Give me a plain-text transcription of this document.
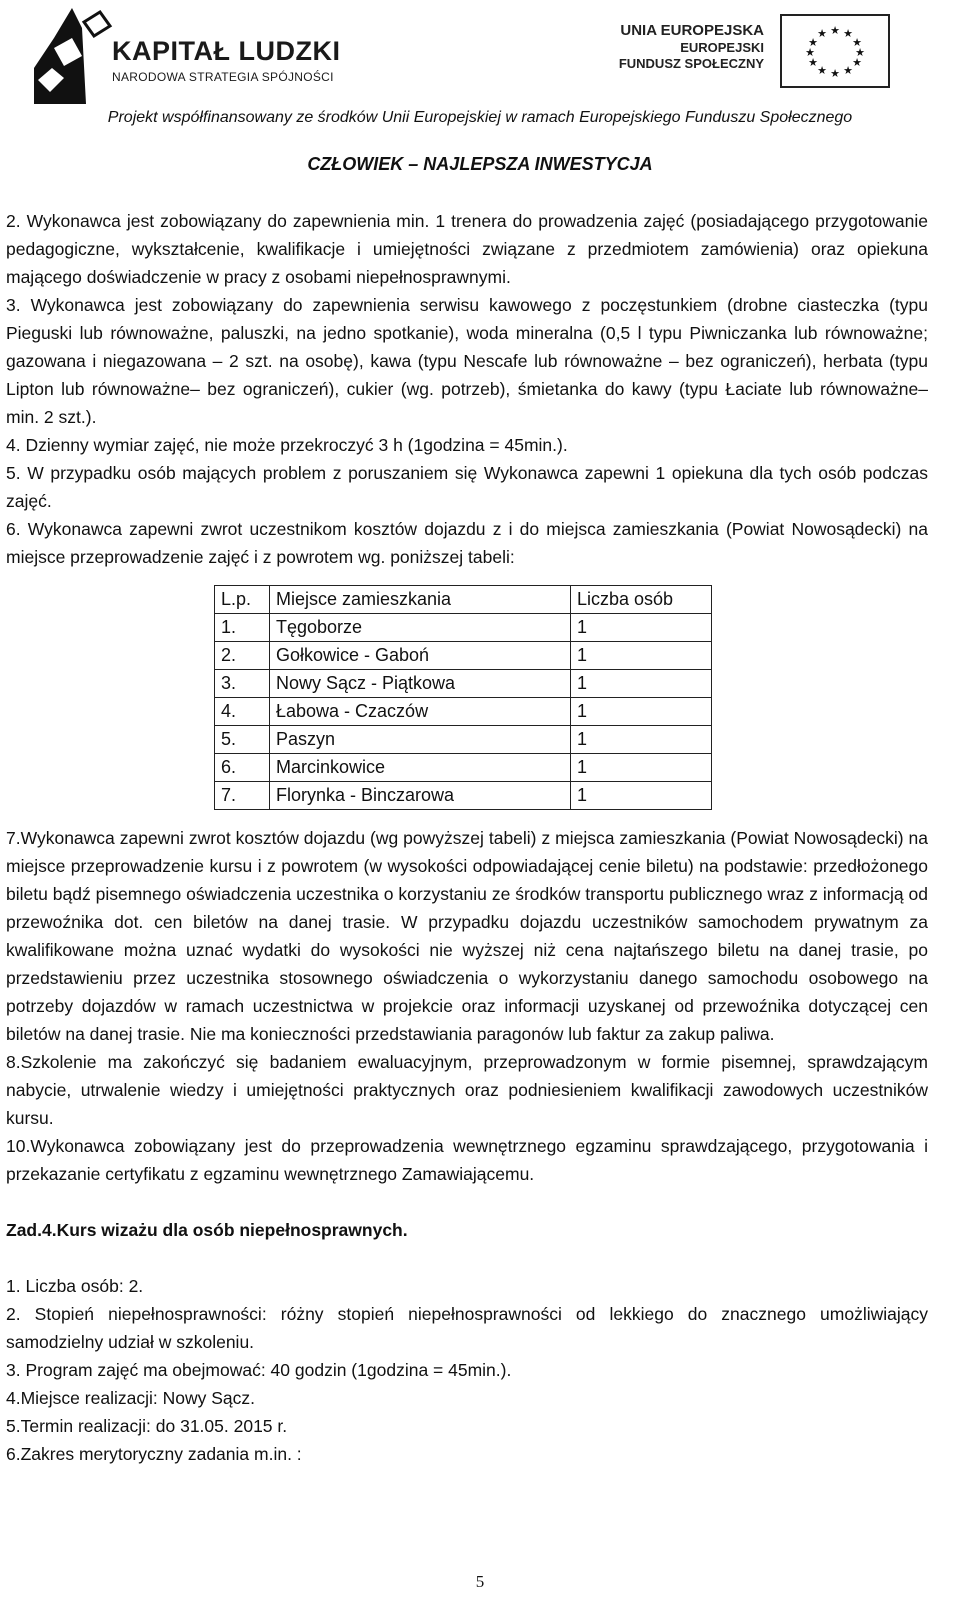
KAPITAŁ LUDZKI
NARODOWA STRATEGIA SPÓJNOŚCI
UNIA EUROPEJSKA
EUROPEJSKI
FUNDUSZ SPOŁECZNY
★ ★
★
★
★
★
★
★
★
★
★
★
Projekt współfinansowany ze środków Unii Europejskiej w ramach Europejskiego Funduszu Społecznego
CZŁOWIEK – NAJLEPSZA INWESTYCJA

2. Wykonawca jest zobowiązany do zapewnienia min. 1 trenera do prowadzenia zajęć (posiadającego przygotowanie pedagogiczne, wykształcenie, kwalifikacje i umiejętności związane z przedmiotem zamówienia) oraz opiekuna mającego doświadczenie w pracy z osobami niepełnosprawnymi.

3. Wykonawca jest zobowiązany do zapewnienia serwisu kawowego z poczęstunkiem (drobne ciasteczka (typu Pieguski lub równoważne, paluszki, na jedno spotkanie), woda mineralna (0,5 l typu Piwniczanka lub równoważne; gazowana i niegazowana – 2 szt. na osobę), kawa (typu Nescafe lub równoważne – bez ograniczeń), herbata (typu Lipton lub równoważne– bez ograniczeń), cukier (wg. potrzeb), śmietanka do kawy (typu Łaciate lub równoważne– min. 2 szt.).

4. Dzienny wymiar zajęć, nie może przekroczyć 3 h (1godzina = 45min.).

5. W przypadku osób mających problem z poruszaniem się Wykonawca zapewni 1 opiekuna dla tych osób podczas zajęć.

6. Wykonawca zapewni zwrot uczestnikom kosztów dojazdu z i do miejsca zamieszkania (Powiat Nowosądecki) na miejsce przeprowadzenie zajęć i z powrotem wg. poniższej tabeli:

L.p.	Miejsce zamieszkania	Liczba osób
1.	Tęgoborze	1
2.	Gołkowice - Gaboń	1
3.	Nowy Sącz - Piątkowa	1
4.	Łabowa - Czaczów	1
5.	Paszyn	1
6.	Marcinkowice	1
7.	Florynka - Binczarowa	1

7.Wykonawca zapewni zwrot kosztów dojazdu (wg powyższej tabeli) z miejsca zamieszkania (Powiat Nowosądecki) na miejsce przeprowadzenie kursu i z powrotem (w wysokości odpowiadającej cenie biletu) na podstawie: przedłożonego biletu bądź pisemnego oświadczenia uczestnika o korzystaniu ze środków transportu publicznego wraz z informacją od przewoźnika dot. cen biletów na danej trasie. W przypadku dojazdu uczestników samochodem prywatnym za kwalifikowane można uznać wydatki do wysokości nie wyższej niż cena najtańszego biletu na danej trasie, po przedstawieniu przez uczestnika stosownego oświadczenia o wykorzystaniu danego samochodu osobowego na potrzeby dojazdów w ramach uczestnictwa w projekcie oraz informacji uzyskanej od przewoźnika dotyczącej cen biletów na danej trasie. Nie ma konieczności przedstawiania paragonów lub faktur za zakup paliwa.

8.Szkolenie ma zakończyć się badaniem ewaluacyjnym, przeprowadzonym w formie pisemnej, sprawdzającym nabycie, utrwalenie wiedzy i umiejętności praktycznych oraz podniesieniem kwalifikacji zawodowych uczestników kursu.

10.Wykonawca zobowiązany jest do przeprowadzenia wewnętrznego egzaminu sprawdzającego, przygotowania i przekazanie certyfikatu z egzaminu wewnętrznego Zamawiającemu.

Zad.4.Kurs wizażu dla osób niepełnosprawnych.

1. Liczba osób: 2.

2. Stopień niepełnosprawności: różny stopień niepełnosprawności od lekkiego do znacznego umożliwiający samodzielny udział w szkoleniu.

3. Program zajęć ma obejmować: 40 godzin (1godzina = 45min.).

4.Miejsce realizacji: Nowy Sącz.

5.Termin realizacji: do 31.05. 2015 r.

6.Zakres merytoryczny zadania m.in. :

5
